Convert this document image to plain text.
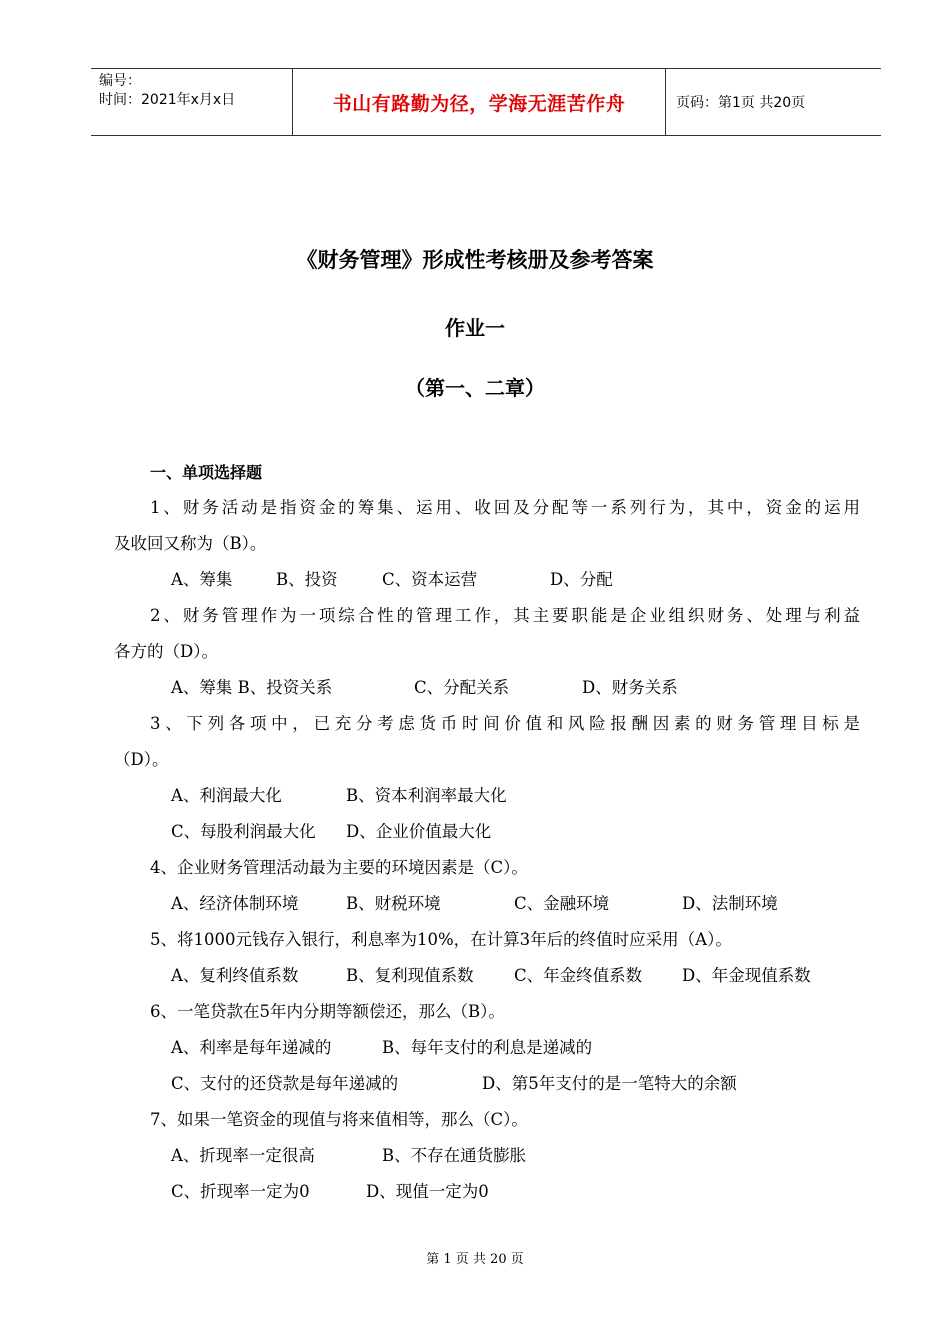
编号：
时间：2021年x月x日	书山有路勤为径，学海无涯苦作舟	页码：第1页 共20页
《财务管理》形成性考核册及参考答案
作业一
（第一、二章）
一、单项选择题
1、财务活动是指资金的筹集、运用、收回及分配等一系列行为，其中，资金的运用
及收回又称为（B）。
A、筹集	B、投资	C、资本运营	D、分配
2、财务管理作为一项综合性的管理工作，其主要职能是企业组织财务、处理与利益
各方的（D）。
A、筹集 B、投资关系	C、分配关系	D、财务关系
3、下列各项中，已充分考虑货币时间价值和风险报酬因素的财务管理目标是
（D）。
A、利润最大化	B、资本利润率最大化
C、每股利润最大化 D、企业价值最大化
4、企业财务管理活动最为主要的环境因素是（C）。
A、经济体制环境	B、财税环境	C、金融环境	D、法制环境
5、将1000元钱存入银行，利息率为10%，在计算3年后的终值时应采用（A）。
A、复利终值系数	B、复利现值系数 C、年金终值系数 D、年金现值系数
6、一笔贷款在5年内分期等额偿还，那么（B）。
A、利率是每年递减的	B、每年支付的利息是递减的
C、支付的还贷款是每年递减的	D、第5年支付的是一笔特大的余额
7、如果一笔资金的现值与将来值相等，那么（C）。
A、折现率一定很高	B、不存在通货膨胀
C、折现率一定为0	D、现值一定为0
第 1 页 共 20 页
